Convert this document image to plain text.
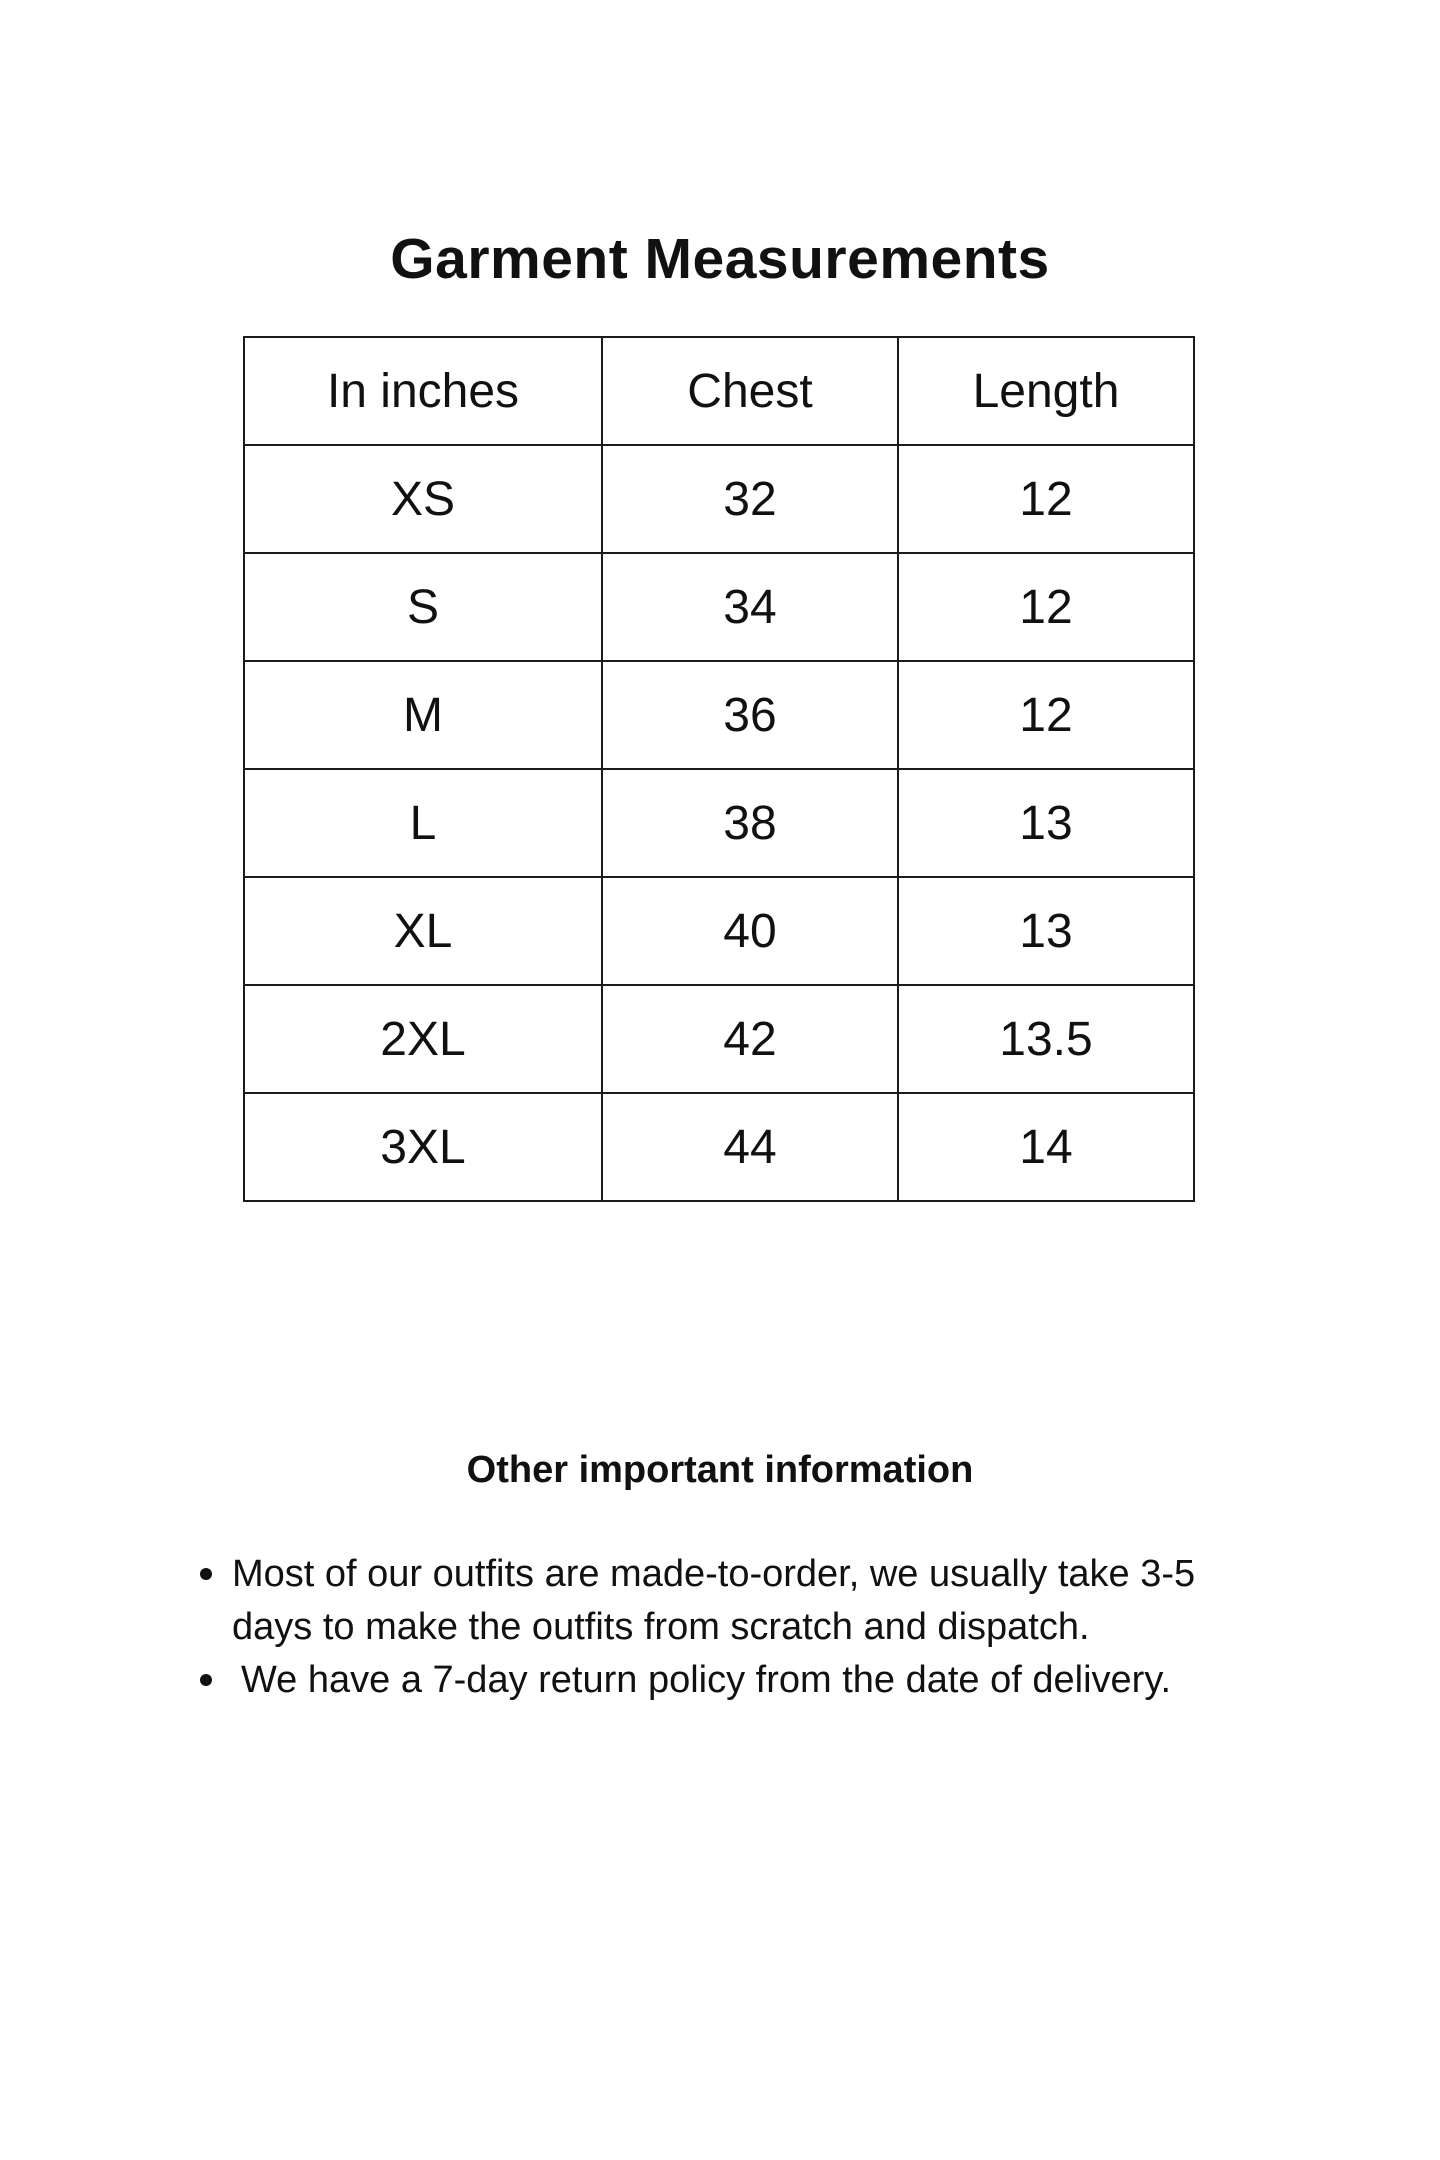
Garment Measurements
In inches	Chest	Length
XS	32	12
S	34	12
M	36	12
L	38	13
XL	40	13
2XL	42	13.5
3XL	44	14
Other important information
Most of our outfits are made-to-order, we usually take 3-5 days to make the outfits from scratch and dispatch.
We have a 7-day return policy from the date of delivery.
